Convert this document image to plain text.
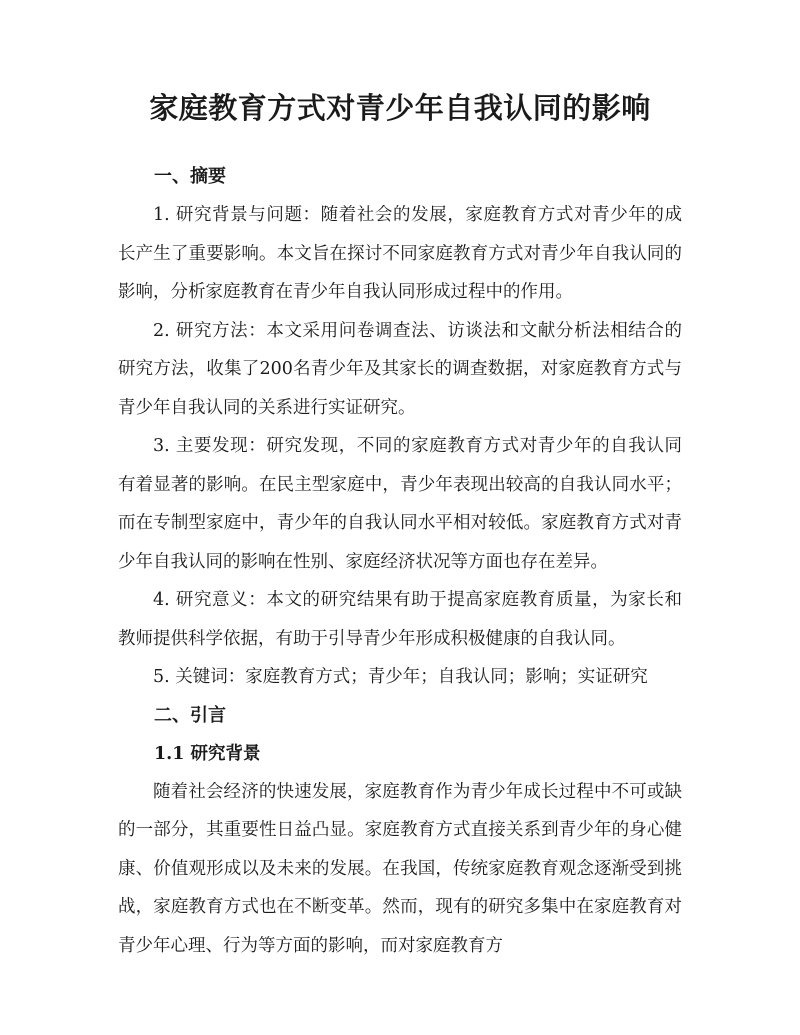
家庭教育方式对青少年自我认同的影响
一、摘要

1. 研究背景与问题：随着社会的发展，家庭教育方式对青少年的成长产生了重要影响。本文旨在探讨不同家庭教育方式对青少年自我认同的影响，分析家庭教育在青少年自我认同形成过程中的作用。

2. 研究方法：本文采用问卷调查法、访谈法和文献分析法相结合的研究方法，收集了200名青少年及其家长的调查数据，对家庭教育方式与青少年自我认同的关系进行实证研究。

3. 主要发现：研究发现，不同的家庭教育方式对青少年的自我认同有着显著的影响。在民主型家庭中，青少年表现出较高的自我认同水平；而在专制型家庭中，青少年的自我认同水平相对较低。家庭教育方式对青少年自我认同的影响在性别、家庭经济状况等方面也存在差异。

4. 研究意义：本文的研究结果有助于提高家庭教育质量，为家长和教师提供科学依据，有助于引导青少年形成积极健康的自我认同。

5. 关键词：家庭教育方式；青少年；自我认同；影响；实证研究

二、引言
1.1 研究背景

随着社会经济的快速发展，家庭教育作为青少年成长过程中不可或缺的一部分，其重要性日益凸显。家庭教育方式直接关系到青少年的身心健康、价值观形成以及未来的发展。在我国，传统家庭教育观念逐渐受到挑战，家庭教育方式也在不断变革。然而，现有的研究多集中在家庭教育对青少年心理、行为等方面的影响，而对家庭教育方
